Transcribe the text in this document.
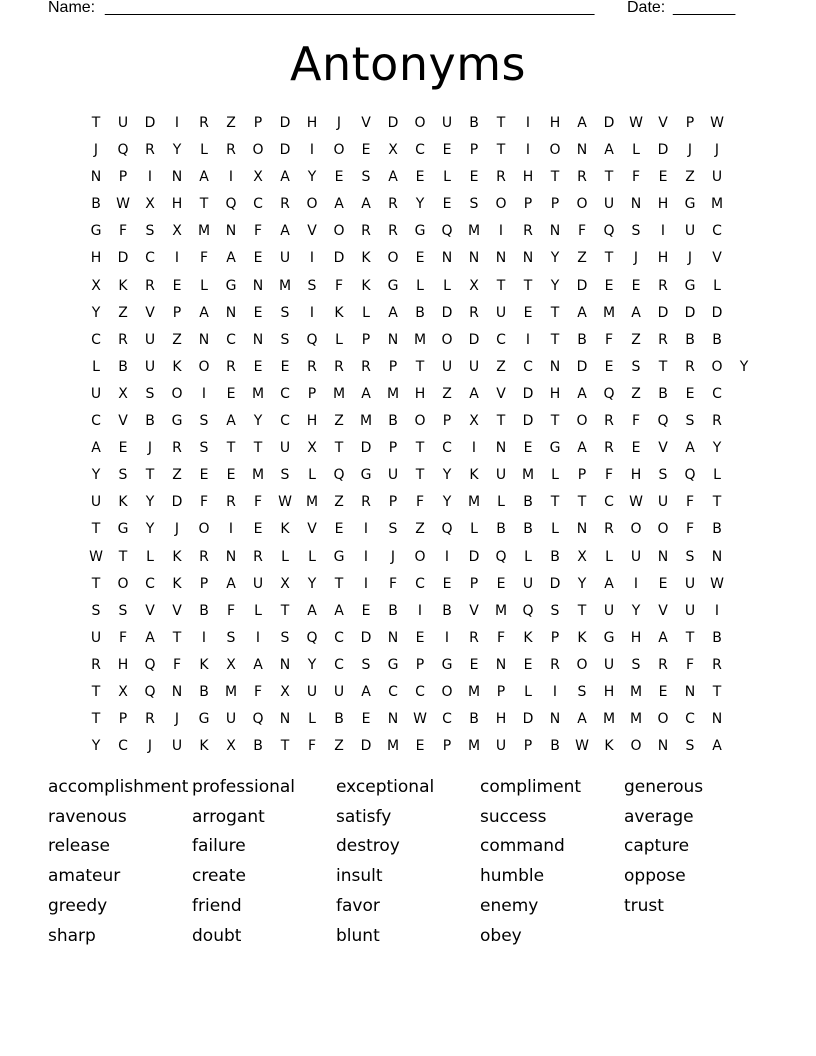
Name: _______________________________________________________ Date: _______
Antonyms
T	U	D	I	R	Z	P	D	H	J	V	D	O	U	B	T	I	H	A	D	W	V	P	W
J	Q	R	Y	L	R	O	D	I	O	E	X	C	E	P	T	I	O	N	A	L	D	J	J
N	P	I	N	A	I	X	A	Y	E	S	A	E	L	E	R	H	T	R	T	F	E	Z	U
B	W	X	H	T	Q	C	R	O	A	A	R	Y	E	S	O	P	P	O	U	N	H	G	M
G	F	S	X	M	N	F	A	V	O	R	R	G	Q	M	I	R	N	F	Q	S	I	U	C
H	D	C	I	F	A	E	U	I	D	K	O	E	N	N	N	N	Y	Z	T	J	H	J	V
X	K	R	E	L	G	N	M	S	F	K	G	L	L	X	T	T	Y	D	E	E	R	G	L
Y	Z	V	P	A	N	E	S	I	K	L	A	B	D	R	U	E	T	A	M	A	D	D	D
C	R	U	Z	N	C	N	S	Q	L	P	N	M	O	D	C	I	T	B	F	Z	R	B	B
L	B	U	K	O	R	E	E	R	R	R	P	T	U	U	Z	C	N	D	E	S	T	R	O	Y
U	X	S	O	I	E	M	C	P	M	A	M	H	Z	A	V	D	H	A	Q	Z	B	E	C
C	V	B	G	S	A	Y	C	H	Z	M	B	O	P	X	T	D	T	O	R	F	Q	S	R
A	E	J	R	S	T	T	U	X	T	D	P	T	C	I	N	E	G	A	R	E	V	A	Y
Y	S	T	Z	E	E	M	S	L	Q	G	U	T	Y	K	U	M	L	P	F	H	S	Q	L
U	K	Y	D	F	R	F	W	M	Z	R	P	F	Y	M	L	B	T	T	C	W	U	F	T
T	G	Y	J	O	I	E	K	V	E	I	S	Z	Q	L	B	B	L	N	R	O	O	F	B
W	T	L	K	R	N	R	L	L	G	I	J	O	I	D	Q	L	B	X	L	U	N	S	N
T	O	C	K	P	A	U	X	Y	T	I	F	C	E	P	E	U	D	Y	A	I	E	U	W
S	S	V	V	B	F	L	T	A	A	E	B	I	B	V	M	Q	S	T	U	Y	V	U	I
U	F	A	T	I	S	I	S	Q	C	D	N	E	I	R	F	K	P	K	G	H	A	T	B
R	H	Q	F	K	X	A	N	Y	C	S	G	P	G	E	N	E	R	O	U	S	R	F	R
T	X	Q	N	B	M	F	X	U	U	A	C	C	O	M	P	L	I	S	H	M	E	N	T
T	P	R	J	G	U	Q	N	L	B	E	N	W	C	B	H	D	N	A	M	M	O	C	N
Y	C	J	U	K	X	B	T	F	Z	D	M	E	P	M	U	P	B	W	K	O	N	S	A
accomplishment
ravenous
release
amateur
greedy
sharp
professional
arrogant
failure
create
friend
doubt
exceptional
satisfy
destroy
insult
favor
blunt
compliment
success
command
humble
enemy
obey
generous
average
capture
oppose
trust
